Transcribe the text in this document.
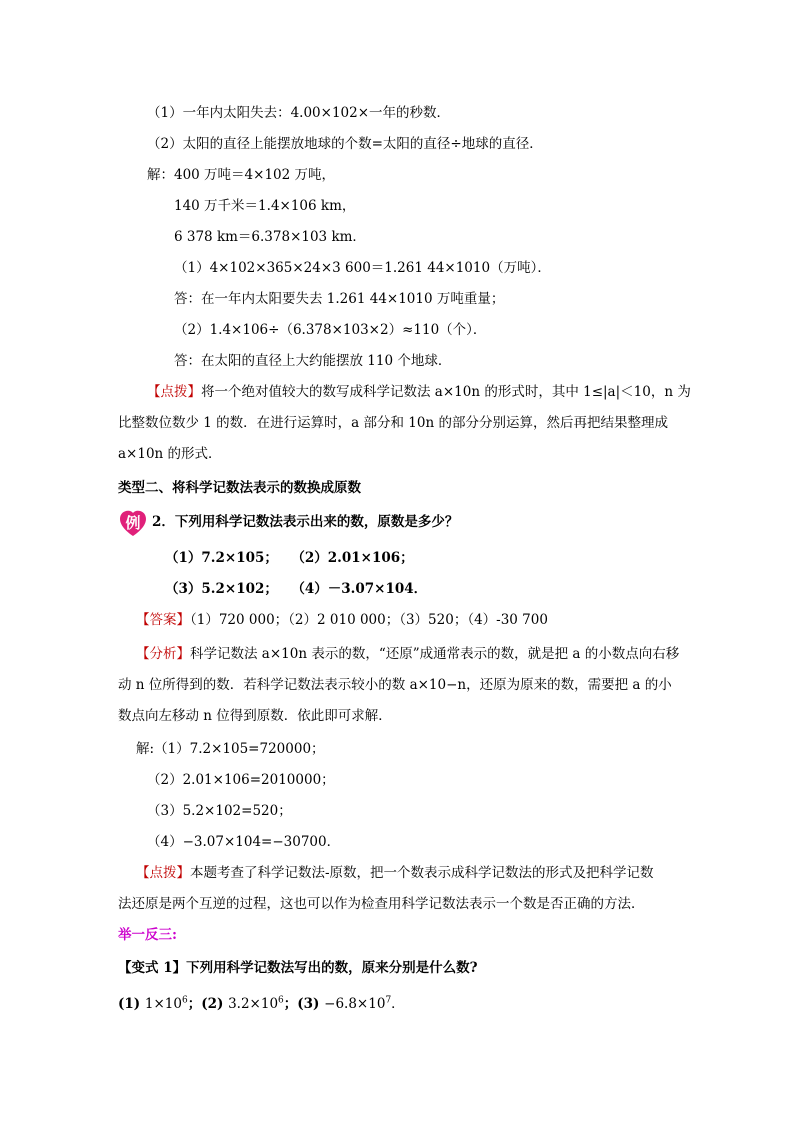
（1）一年内太阳失去：4.00×102×一年的秒数．
（2）太阳的直径上能摆放地球的个数=太阳的直径÷地球的直径．
解：400 万吨＝4×102 万吨，
140 万千米＝1.4×106 km，
6 378 km＝6.378×103 km．
（1）4×102×365×24×3 600＝1.261 44×1010（万吨）．
答：在一年内太阳要失去 1.261 44×1010 万吨重量；
（2）1.4×106÷（6.378×103×2）≈110（个）．
答：在太阳的直径上大约能摆放 110 个地球．
【点拨】将一个绝对值较大的数写成科学记数法 a×10n 的形式时，其中 1≤|a|＜10，n 为
比整数位数少 1 的数．在进行运算时，a 部分和 10n 的部分分别运算，然后再把结果整理成
a×10n 的形式．
类型二、将科学记数法表示的数换成原数
例 2．下列用科学记数法表示出来的数，原数是多少？
（1）7.2×105；　　（2）2.01×106；
（3）5.2×102；　　（4）－3.07×104．
【答案】（1）720 000；（2）2 010 000；（3）520；（4）-30 700
【分析】科学记数法 a×10n 表示的数，“还原”成通常表示的数，就是把 a 的小数点向右移
动 n 位所得到的数．若科学记数法表示较小的数 a×10−n，还原为原来的数，需要把 a 的小
数点向左移动 n 位得到原数．依此即可求解．
解:（1）7.2×105=720000；
（2）2.01×106=2010000；
（3）5.2×102=520；
（4）−3.07×104=−30700．
【点拨】本题考查了科学记数法-原数，把一个数表示成科学记数法的形式及把科学记数
法还原是两个互逆的过程，这也可以作为检查用科学记数法表示一个数是否正确的方法．
举一反三:
【变式 1】下列用科学记数法写出的数，原来分别是什么数?
(1) $1\times 10^6$；(2) $3.2\times 10^6$；$(3) -6.8\times 10^7$．
